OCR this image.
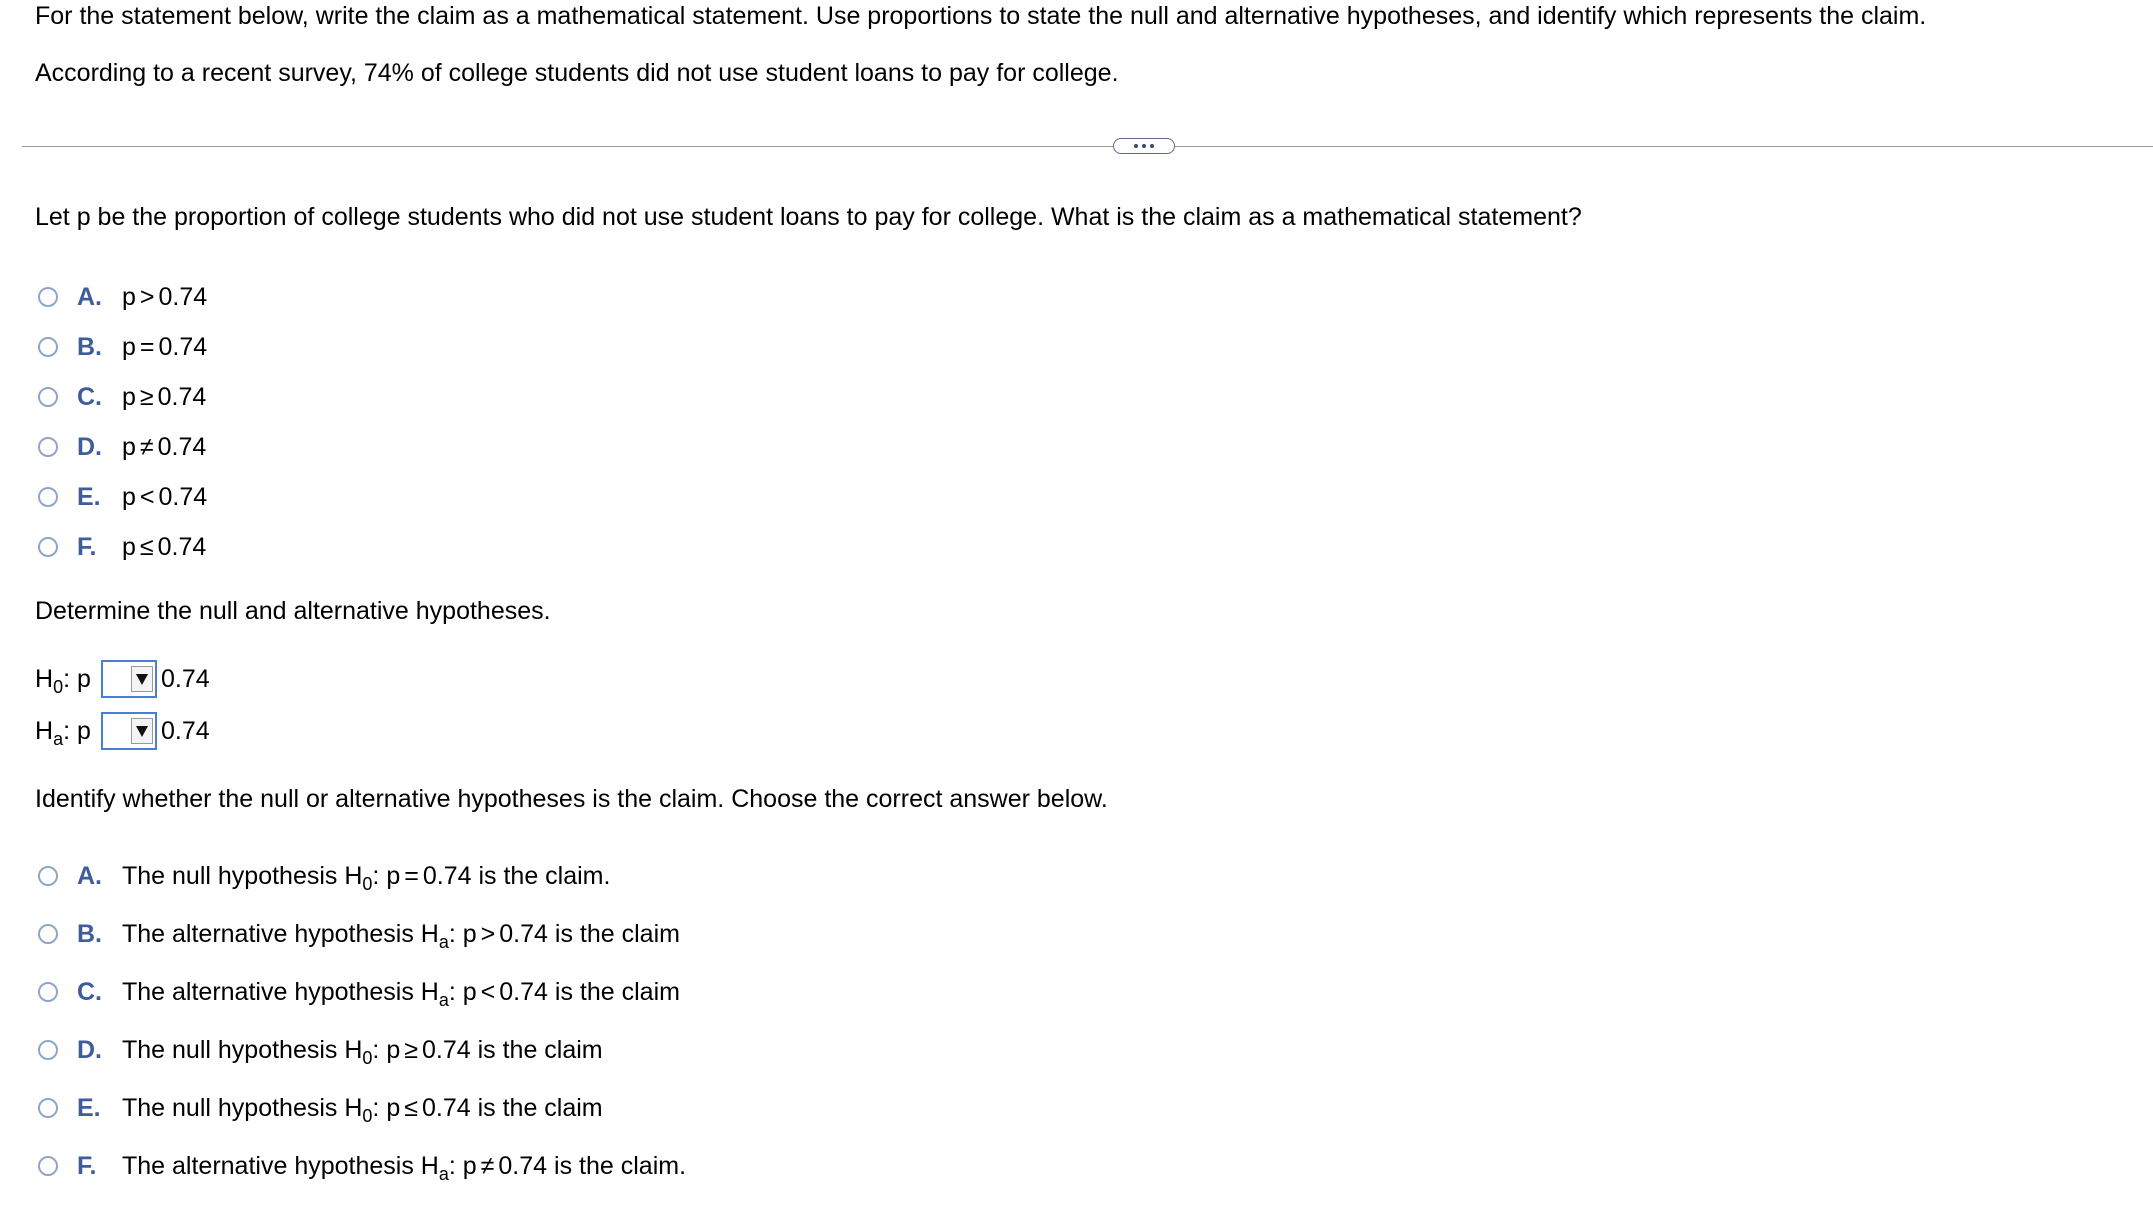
For the statement below, write the claim as a mathematical statement. Use proportions to state the null and alternative hypotheses, and identify which represents the claim.
According to a recent survey, 74% of college students did not use student loans to pay for college.
Let p be the proportion of college students who did not use student loans to pay for college. What is the claim as a mathematical statement?
A. p > 0.74
B. p = 0.74
C. p ≥ 0.74
D. p ≠ 0.74
E. p < 0.74
F.	p ≤ 0.74
Determine the null and alternative hypotheses.
$H_0$: p	0.74
$H_a$: p	0.74
Identify whether the null or alternative hypotheses is the claim. Choose the correct answer below.
A. The null hypothesis $H_0$: p = 0.74 is the claim.
B. The alternative hypothesis $H_a$: p > 0.74 is the claim
C. The alternative hypothesis $H_a$: p < 0.74 is the claim
D. The null hypothesis $H_0$: p ≥ 0.74 is the claim
E. The null hypothesis $H_0$: p ≤ 0.74 is the claim
F.	The alternative hypothesis $H_a$: p ≠ 0.74 is the claim.
